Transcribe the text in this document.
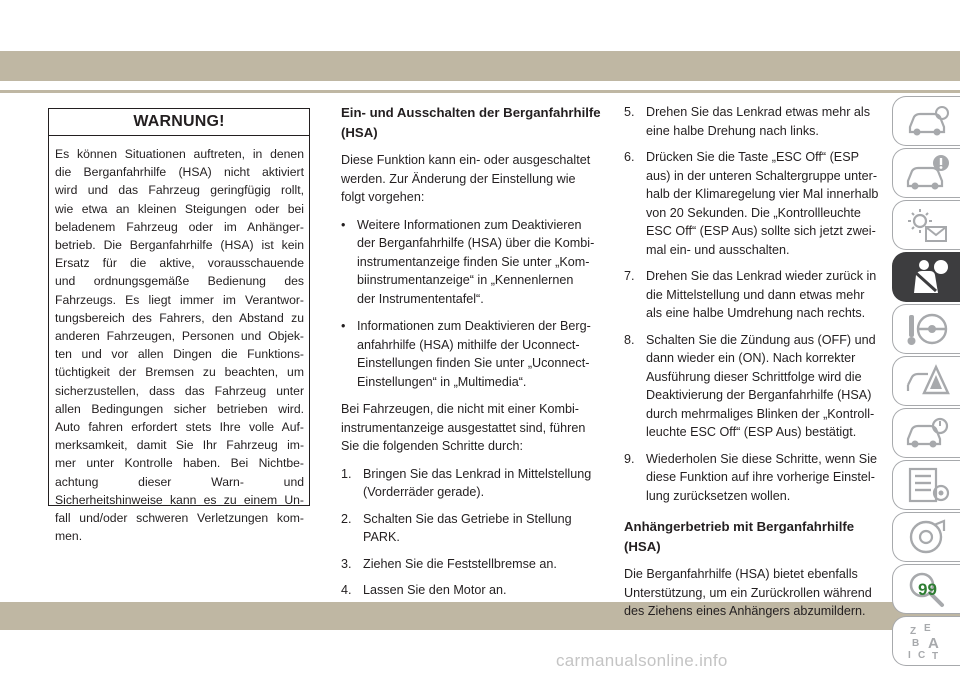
WARNUNG!
Es können Situationen auftreten, in denen
die Berganfahrhilfe (HSA) nicht aktiviert
wird und das Fahrzeug geringfügig rollt,
wie etwa an kleinen Steigungen oder bei
beladenem Fahrzeug oder im Anhänger-
betrieb. Die Berganfahrhilfe (HSA) ist kein
Ersatz für die aktive, vorausschauende
und ordnungsgemäße Bedienung des
Fahrzeugs. Es liegt immer im Verantwor-
tungsbereich des Fahrers, den Abstand zu
anderen Fahrzeugen, Personen und Objek-
ten und vor allen Dingen die Funktions-
tüchtigkeit der Bremsen zu beachten, um
sicherzustellen, dass das Fahrzeug unter
allen Bedingungen sicher betrieben wird.
Auto fahren erfordert stets Ihre volle Auf-
merksamkeit, damit Sie Ihr Fahrzeug im-
mer unter Kontrolle haben. Bei Nichtbe-
achtung dieser Warn- und
Sicherheitshinweise kann es zu einem Un-
fall und/oder schweren Verletzungen kom-
men.
Ein- und Ausschalten der Berganfahrhilfe
(HSA)
Diese Funktion kann ein- oder ausgeschaltet
werden. Zur Änderung der Einstellung wie
folgt vorgehen:
• Weitere Informationen zum Deaktivieren
der Berganfahrhilfe (HSA) über die Kombi-
instrumentanzeige finden Sie unter „Kom-
biinstrumentanzeige“ in „Kennenlernen
der Instrumententafel“.
• Informationen zum Deaktivieren der Berg-
anfahrhilfe (HSA) mithilfe der Uconnect-
Einstellungen finden Sie unter „Uconnect-
Einstellungen“ in „Multimedia“.
Bei Fahrzeugen, die nicht mit einer Kombi-
instrumentanzeige ausgestattet sind, führen
Sie die folgenden Schritte durch:
1. Bringen Sie das Lenkrad in Mittelstellung
(Vorderräder gerade).
2. Schalten Sie das Getriebe in Stellung
PARK.
3. Ziehen Sie die Feststellbremse an.
4. Lassen Sie den Motor an.
5. Drehen Sie das Lenkrad etwas mehr als
eine halbe Drehung nach links.
6. Drücken Sie die Taste „ESC Off“ (ESP
aus) in der unteren Schaltergruppe unter-
halb der Klimaregelung vier Mal innerhalb
von 20 Sekunden. Die „Kontrollleuchte
ESC Off“ (ESP Aus) sollte sich jetzt zwei-
mal ein- und ausschalten.
7. Drehen Sie das Lenkrad wieder zurück in
die Mittelstellung und dann etwas mehr
als eine halbe Umdrehung nach rechts.
8. Schalten Sie die Zündung aus (OFF) und
dann wieder ein (ON). Nach korrekter
Ausführung dieser Schrittfolge wird die
Deaktivierung der Berganfahrhilfe (HSA)
durch mehrmaliges Blinken der „Kontroll-
leuchte ESC Off“ (ESP Aus) bestätigt.
9. Wiederholen Sie diese Schritte, wenn Sie
diese Funktion auf ihre vorherige Einstel-
lung zurücksetzen wollen.
Anhängerbetrieb mit Berganfahrhilfe (HSA)
Die Berganfahrhilfe (HSA) bietet ebenfalls
Unterstützung, um ein Zurückrollen während
des Ziehens eines Anhängers abzumildern.
Z E
B A
C T
I
99
carmanualsonline.info
